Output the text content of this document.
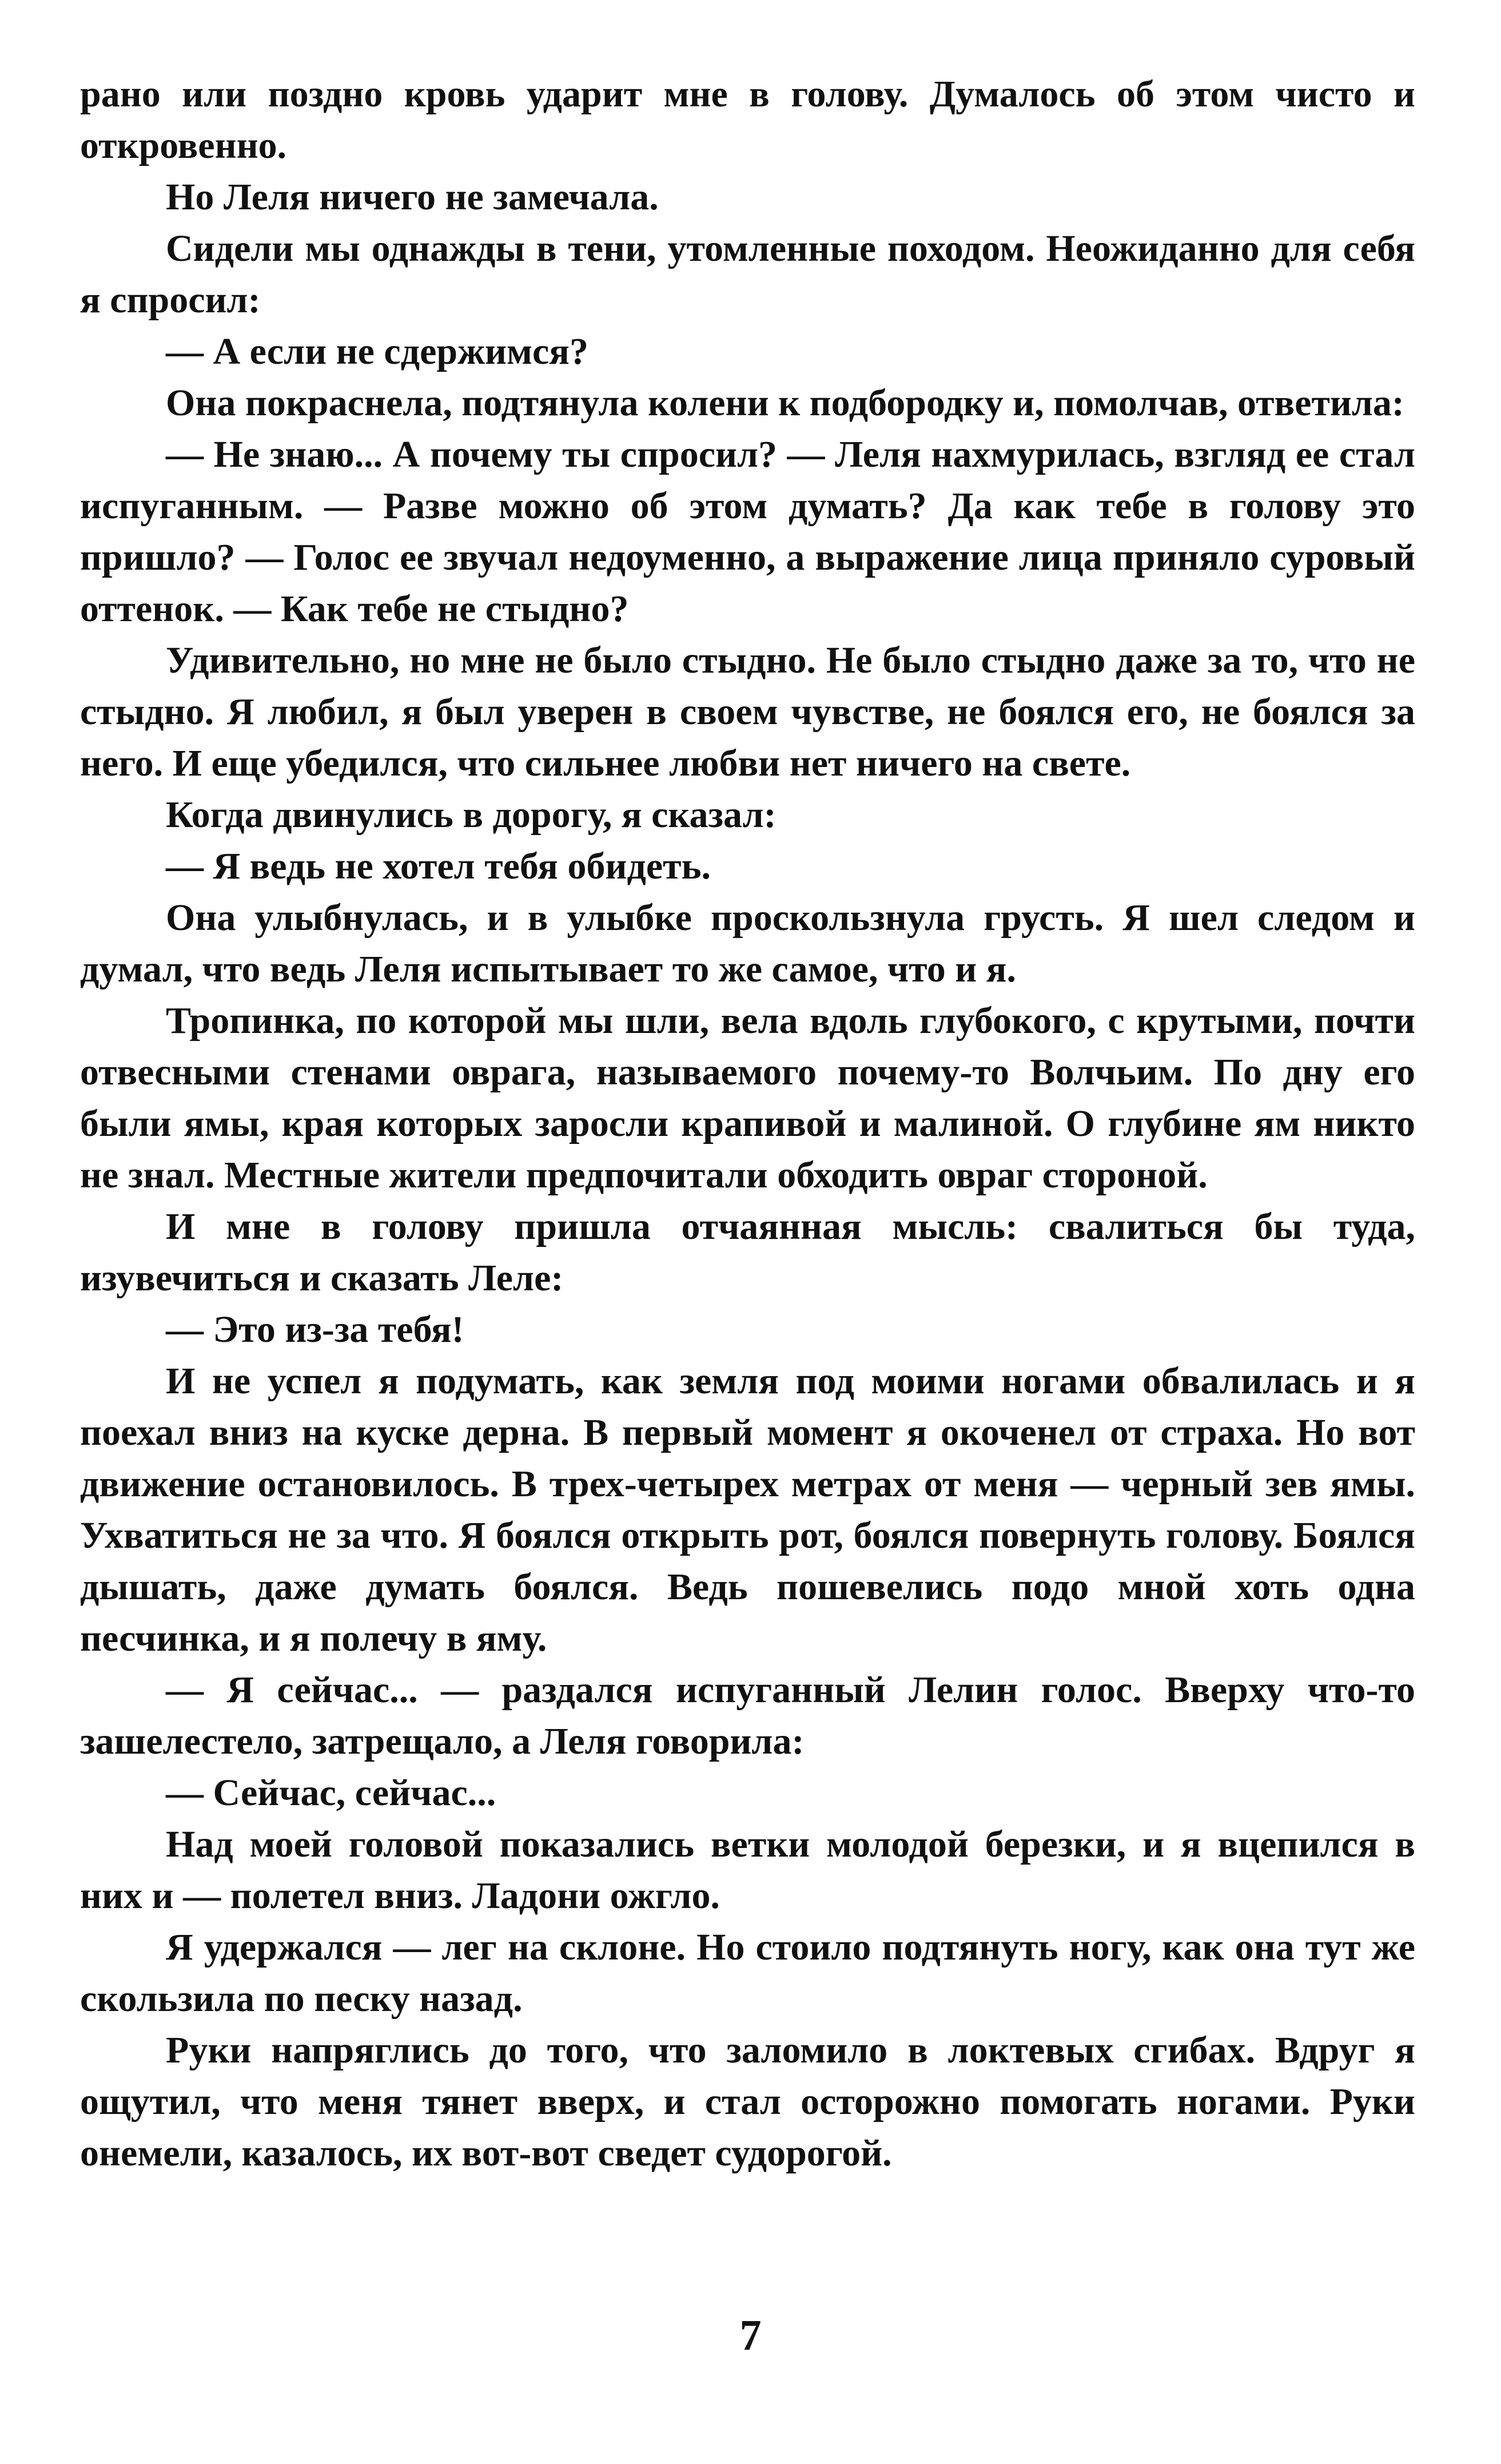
рано или поздно кровь ударит мне в голову. Думалось об этом чисто и откровенно.

Но Леля ничего не замечала.

Сидели мы однажды в тени, утомленные походом. Неожиданно для себя я спросил:

— А если не сдержимся?

Она покраснела, подтянула колени к подбородку и, помолчав, ответила:

— Не знаю... А почему ты спросил? — Леля нахмурилась, взгляд ее стал испуганным. — Разве можно об этом думать? Да как тебе в голову это пришло? — Голос ее звучал недоуменно, а выражение лица приняло суровый оттенок. — Как тебе не стыдно?

Удивительно, но мне не было стыдно. Не было стыдно даже за то, что не стыдно. Я любил, я был уверен в своем чувстве, не боялся его, не боялся за него. И еще убедился, что сильнее любви нет ничего на свете.

Когда двинулись в дорогу, я сказал:

— Я ведь не хотел тебя обидеть.

Она улыбнулась, и в улыбке проскользнула грусть. Я шел следом и думал, что ведь Леля испытывает то же самое, что и я.

Тропинка, по которой мы шли, вела вдоль глубокого, с крутыми, почти отвесными стенами оврага, называемого почему-то Волчьим. По дну его были ямы, края которых заросли крапивой и малиной. О глубине ям никто не знал. Местные жители предпочитали обходить овраг стороной.

И мне в голову пришла отчаянная мысль: свалиться бы туда, изувечиться и сказать Леле:

— Это из-за тебя!

И не успел я подумать, как земля под моими ногами обвалилась и я поехал вниз на куске дерна. В первый момент я окоченел от страха. Но вот движение остановилось. В трех-четырех метрах от меня — черный зев ямы. Ухватиться не за что. Я боялся открыть рот, боялся повернуть голову. Боялся дышать, даже думать боялся. Ведь пошевелись подо мной хоть одна песчинка, и я полечу в яму.

— Я сейчас... — раздался испуганный Лелин голос. Вверху что-то зашелестело, затрещало, а Леля говорила:

— Сейчас, сейчас...

Над моей головой показались ветки молодой березки, и я вцепился в них и — полетел вниз. Ладони ожгло.

Я удержался — лег на склоне. Но стоило подтянуть ногу, как она тут же скользила по песку назад.

Руки напряглись до того, что заломило в локтевых сгибах. Вдруг я ощутил, что меня тянет вверх, и стал осторожно помогать ногами. Руки онемели, казалось, их вот-вот сведет судорогой.

7
